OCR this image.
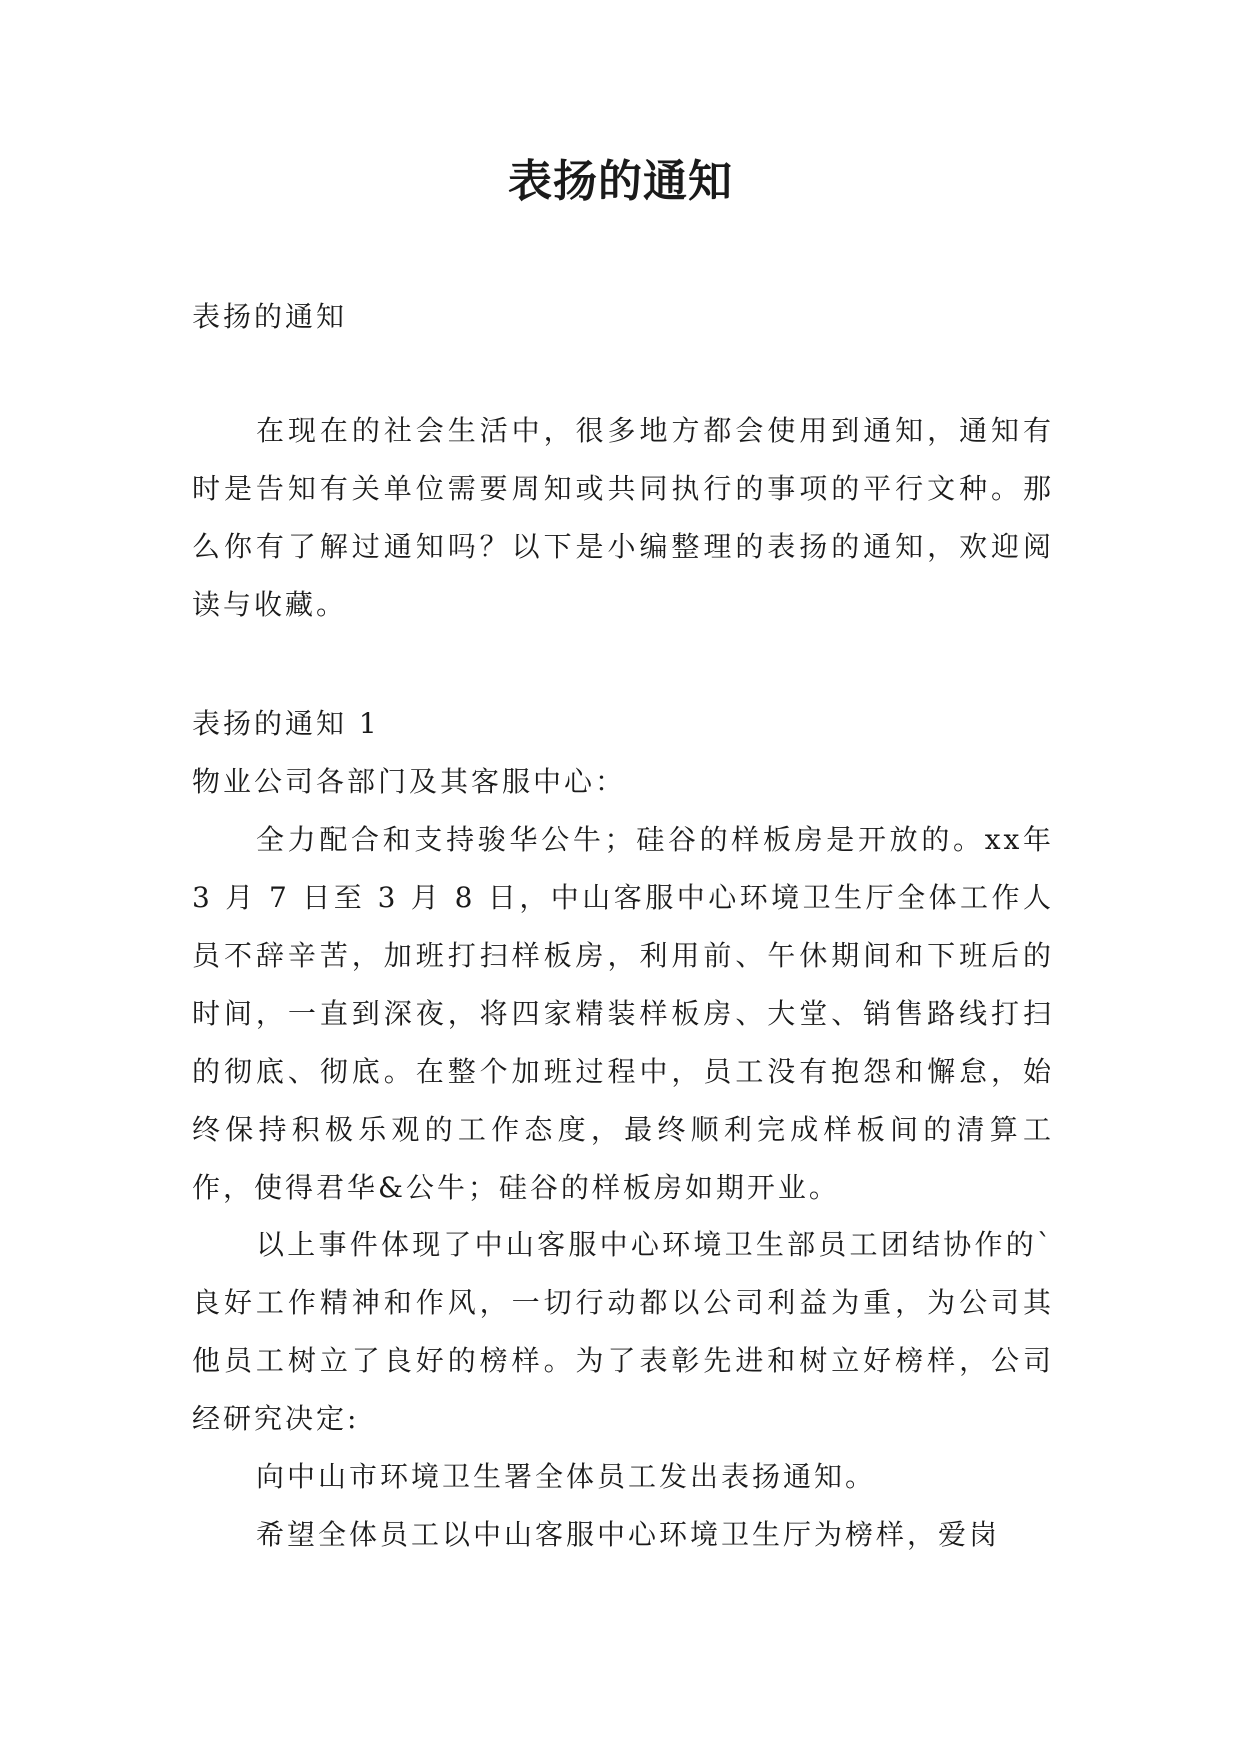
表扬的通知

表扬的通知

在现在的社会生活中，很多地方都会使用到通知，通知有时是告知有关单位需要周知或共同执行的事项的平行文种。那么你有了解过通知吗？以下是小编整理的表扬的通知，欢迎阅读与收藏。

表扬的通知 1

物业公司各部门及其客服中心：

全力配合和支持骏华公牛；硅谷的样板房是开放的。xx年 3 月 7 日至 3 月 8 日，中山客服中心环境卫生厅全体工作人员不辞辛苦，加班打扫样板房，利用前、午休期间和下班后的时间，一直到深夜，将四家精装样板房、大堂、销售路线打扫的彻底、彻底。在整个加班过程中，员工没有抱怨和懈怠，始终保持积极乐观的工作态度，最终顺利完成样板间的清算工作，使得君华&公牛；硅谷的样板房如期开业。

以上事件体现了中山客服中心环境卫生部员工团结协作的`良好工作精神和作风，一切行动都以公司利益为重，为公司其他员工树立了良好的榜样。为了表彰先进和树立好榜样，公司经研究决定:

向中山市环境卫生署全体员工发出表扬通知。

希望全体员工以中山客服中心环境卫生厅为榜样，爱岗
